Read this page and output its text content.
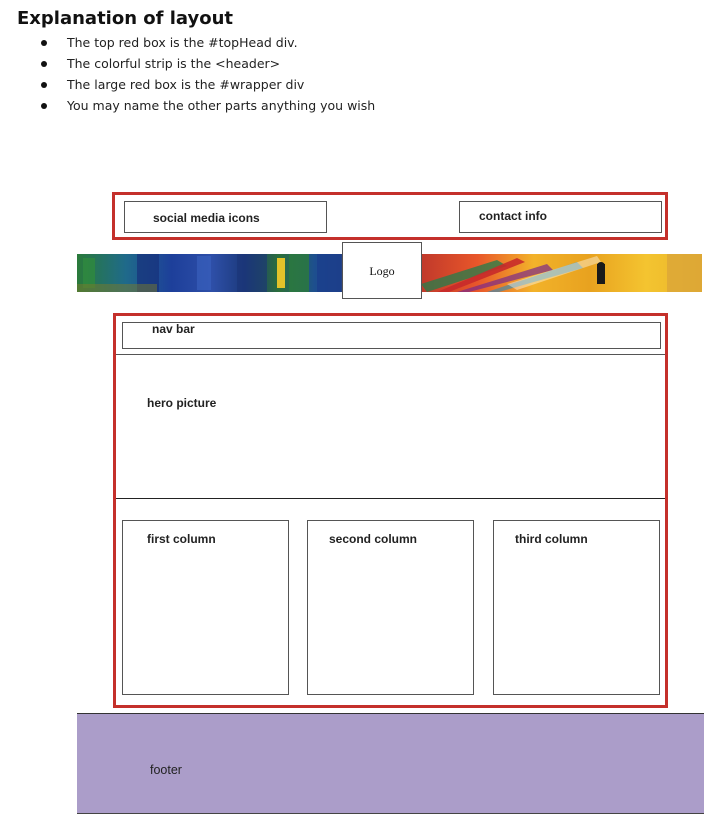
Explanation of layout
The top red box is the #topHead div.
The colorful strip is the <header>
The large red box is the #wrapper div
You may name the other parts anything you wish
social media icons	contact info
Logo
nav bar
hero picture
first column	second column	third column
footer
